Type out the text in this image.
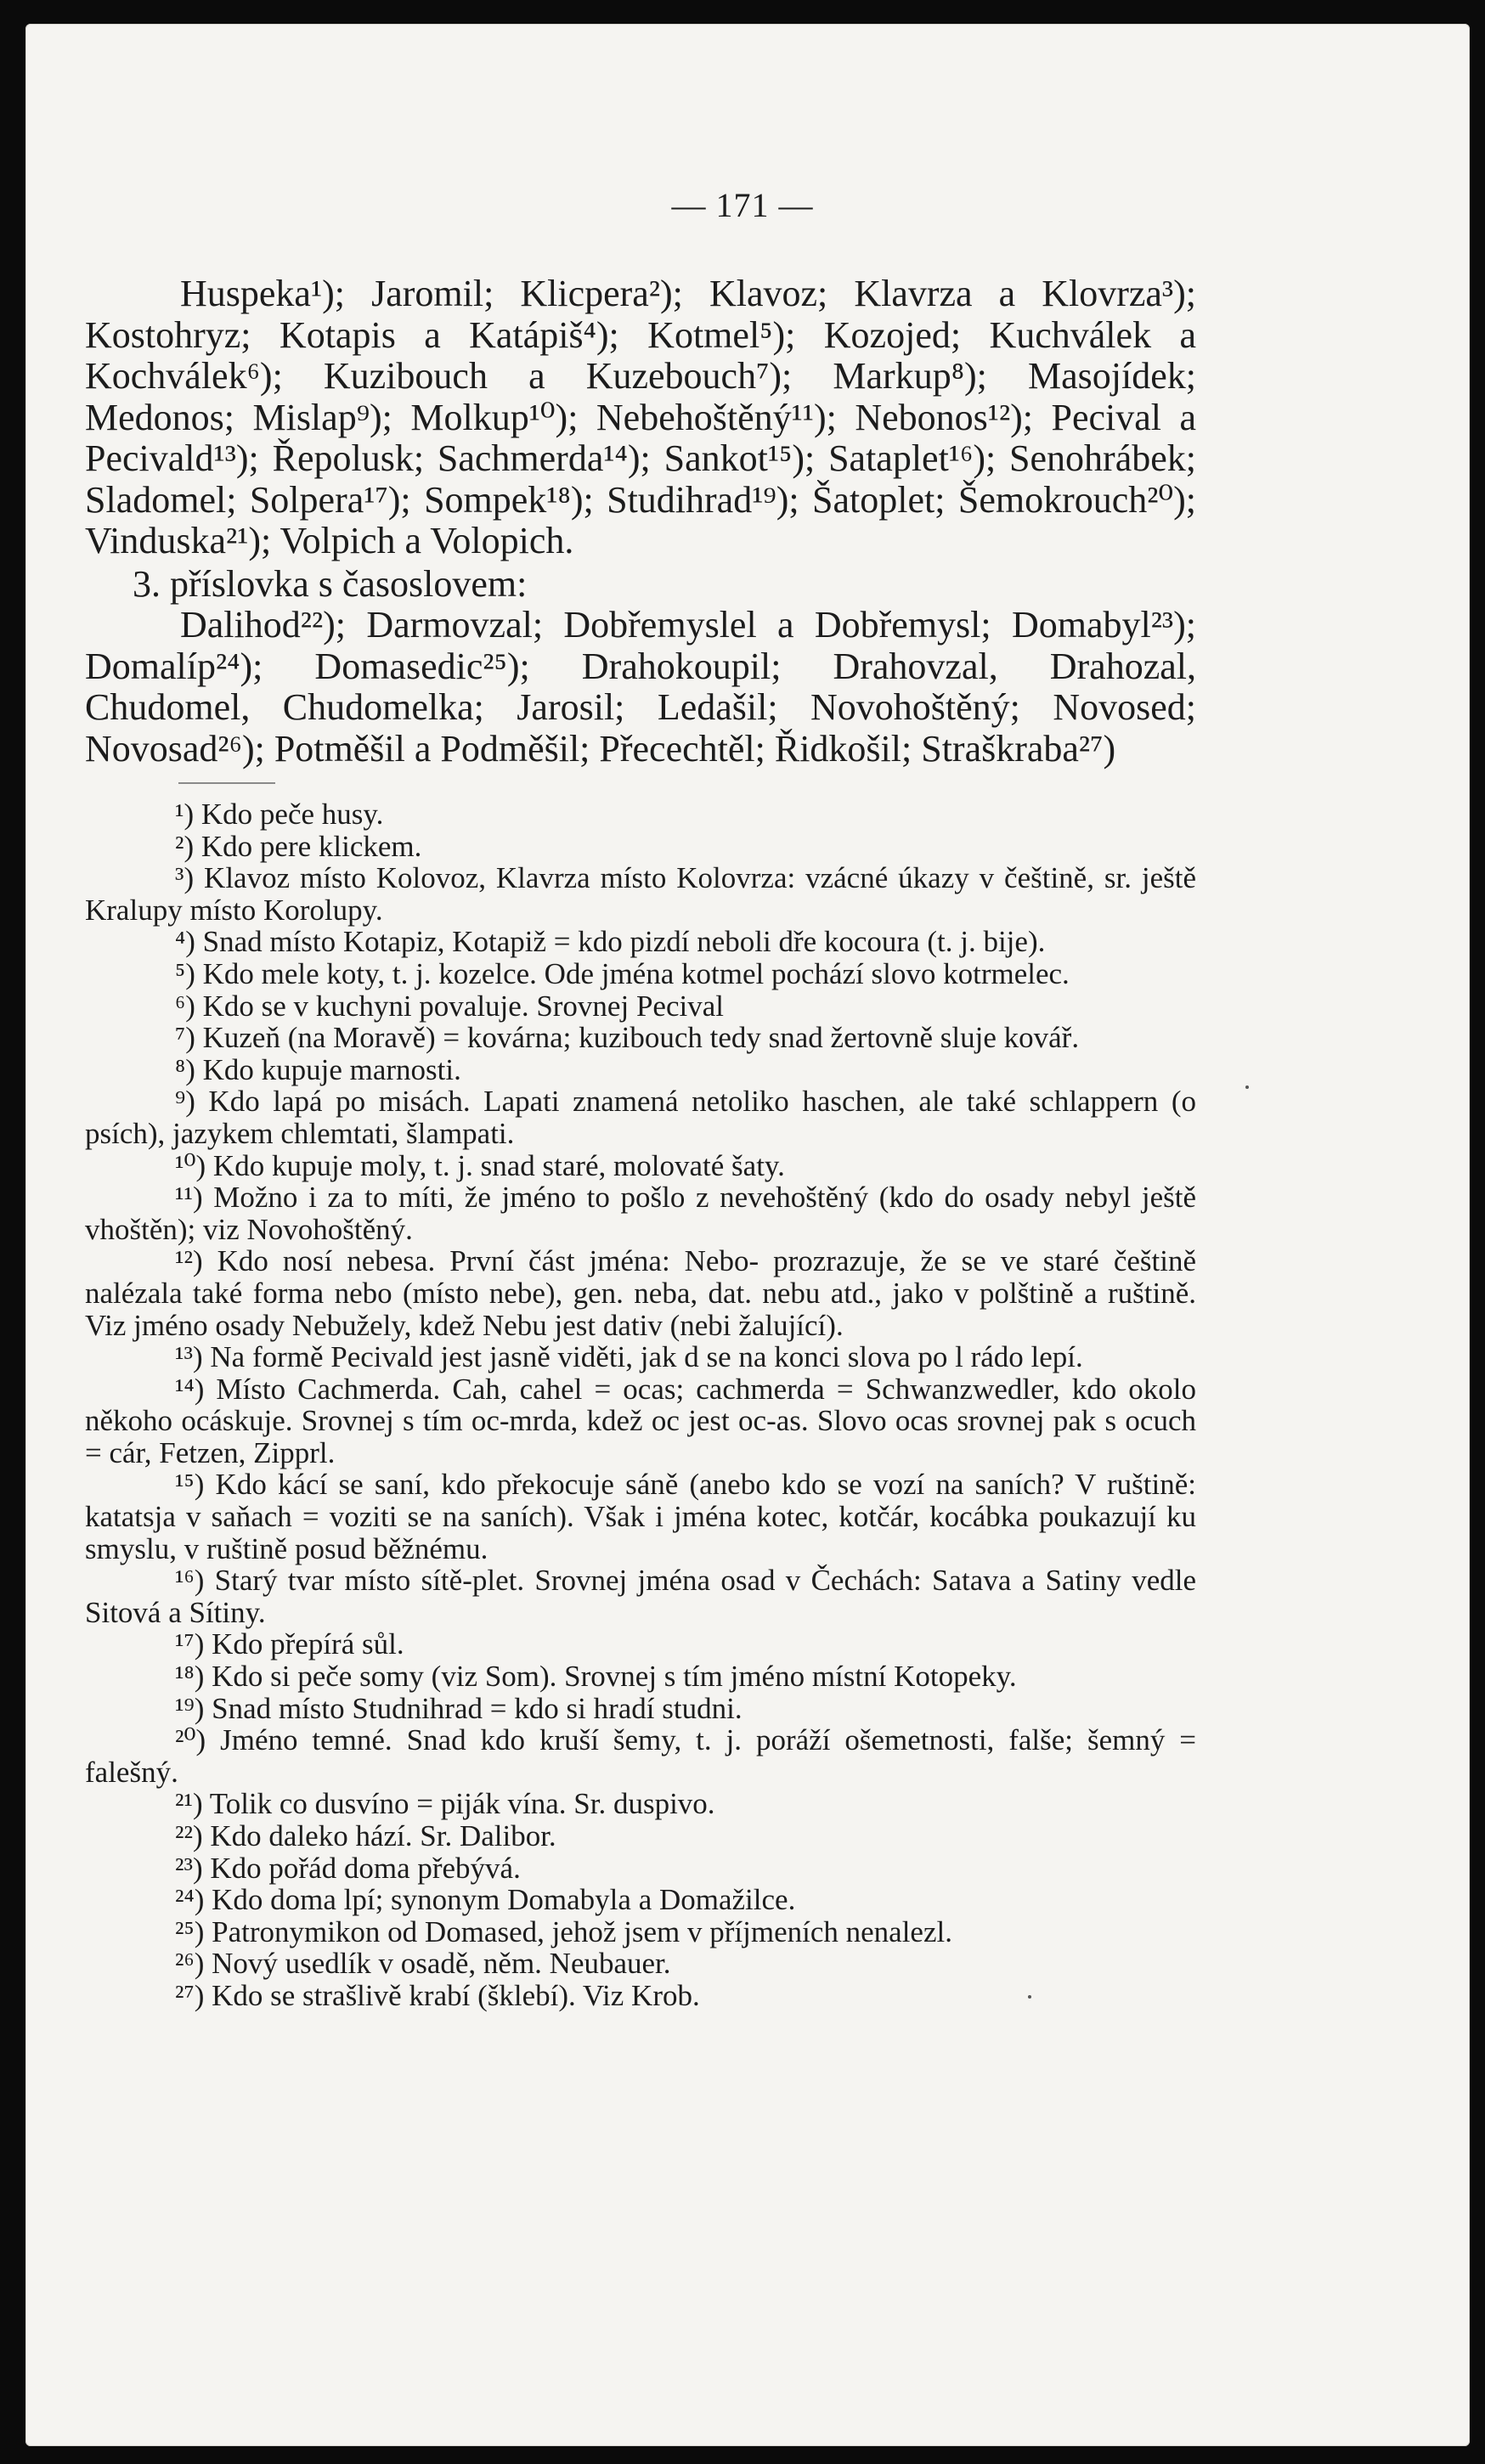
— 171 —

Huspeka¹); Jaromil; Klicpera²); Klavoz; Klavrza a Klovrza³); Kostohryz; Kotapis a Katápiš⁴); Kotmel⁵); Kozojed; Kuchválek a Kochválek⁶); Kuzibouch a Kuzebouch⁷); Markup⁸); Masojídek; Medonos; Mislap⁹); Molkup¹⁰); Nebehoštěný¹¹); Nebonos¹²); Pecival a Pecivald¹³); Řepolusk; Sachmerda¹⁴); Sankot¹⁵); Sataplet¹⁶); Senohrábek; Sladomel; Solpera¹⁷); Sompek¹⁸); Studihrad¹⁹); Šatoplet; Šemokrouch²⁰); Vinduska²¹); Volpich a Volopich.

3. příslovka s časoslovem:

Dalihod²²); Darmovzal; Dobřemyslel a Dobřemysl; Domabyl²³); Domalíp²⁴); Domasedic²⁵); Drahokoupil; Drahovzal, Drahozal, Chudomel, Chudomelka; Jarosil; Ledašil; Novohoštěný; Novosed; Novosad²⁶); Potměšil a Podměšil; Přecechtěl; Řidkošil; Straškraba²⁷)

¹) Kdo peče husy.

²) Kdo pere klickem.

³) Klavoz místo Kolovoz, Klavrza místo Kolovrza: vzácné úkazy v češtině, sr. ještě Kralupy místo Korolupy.

⁴) Snad místo Kotapiz, Kotapiž = kdo pizdí neboli dře kocoura (t. j. bije).

⁵) Kdo mele koty, t. j. kozelce. Ode jména kotmel pochází slovo kotrmelec.

⁶) Kdo se v kuchyni povaluje. Srovnej Pecival

⁷) Kuzeň (na Moravě) = kovárna; kuzibouch tedy snad žertovně sluje kovář.

⁸) Kdo kupuje marnosti.

⁹) Kdo lapá po misách. Lapati znamená netoliko haschen, ale také schlappern (o psích), jazykem chlemtati, šlampati.

¹⁰) Kdo kupuje moly, t. j. snad staré, molovaté šaty.

¹¹) Možno i za to míti, že jméno to pošlo z nevehoštěný (kdo do osady nebyl ještě vhoštěn); viz Novohoštěný.

¹²) Kdo nosí nebesa. První část jména: Nebo- prozrazuje, že se ve staré češtině nalézala také forma nebo (místo nebe), gen. neba, dat. nebu atd., jako v polštině a ruštině. Viz jméno osady Nebužely, kdež Nebu jest dativ (nebi žalující).

¹³) Na formě Pecivald jest jasně viděti, jak d se na konci slova po l rádo lepí.

¹⁴) Místo Cachmerda. Cah, cahel = ocas; cachmerda = Schwanzwedler, kdo okolo někoho ocáskuje. Srovnej s tím oc-mrda, kdež oc jest oc-as. Slovo ocas srovnej pak s ocuch = cár, Fetzen, Zipprl.

¹⁵) Kdo kácí se saní, kdo překocuje sáně (anebo kdo se vozí na saních? V ruštině: katatsja v saňach = voziti se na saních). Však i jména kotec, kotčár, kocábka poukazují ku smyslu, v ruštině posud běžnému.

¹⁶) Starý tvar místo sítě-plet. Srovnej jména osad v Čechách: Satava a Satiny vedle Sitová a Sítiny.

¹⁷) Kdo přepírá sůl.

¹⁸) Kdo si peče somy (viz Som). Srovnej s tím jméno místní Kotopeky.

¹⁹) Snad místo Studnihrad = kdo si hradí studni.

²⁰) Jméno temné. Snad kdo kruší šemy, t. j. poráží ošemetnosti, falše; šemný = falešný.

²¹) Tolik co dusvíno = piják vína. Sr. duspivo.

²²) Kdo daleko hází. Sr. Dalibor.

²³) Kdo pořád doma přebývá.

²⁴) Kdo doma lpí; synonym Domabyla a Domažilce.

²⁵) Patronymikon od Domased, jehož jsem v příjmeních nenalezl.

²⁶) Nový usedlík v osadě, něm. Neubauer.

²⁷) Kdo se strašlivě krabí (šklebí). Viz Krob.
